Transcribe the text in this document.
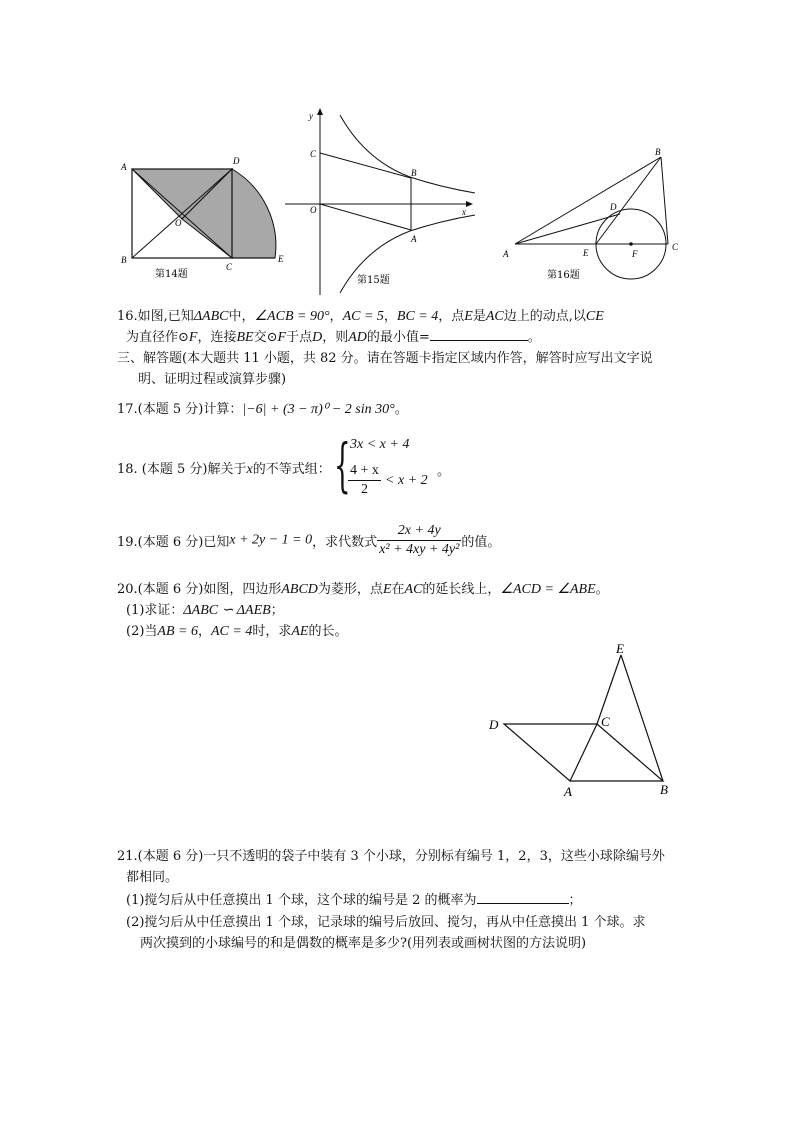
A
D
O
B
C
E
第14题
y
C
B
O	x
A
第15题
B
D
A	E	F
C
第16题
16.如图,已知ΔABC中，∠ACB = 90°，AC = 5，BC = 4，点E是AC边上的动点,以CE
为直径作⊙F，连接BE交⊙F于点D，则AD的最小值=	。
三、解答题(本大题共 11 小题，共 82 分。请在答题卡指定区域内作答，解答时应写出文字说
明、证明过程或演算步骤)
17.(本题 5 分)计算：|−6| + (3 − π)⁰ − 2 sin 30°。
18. (本题 5 分)解关于x的不等式组： { 3x < x + 4
$\frac{4 + x}{2} < x + 2$
。
19.(本题 6 分)已知x + 2y − 1 = 0，求代数式 $\frac{2x + 4y}{\text{x² + 4xy + 4y²}}$ 的值。
20.(本题 6 分)如图，四边形ABCD为菱形，点E在AC的延长线上，∠ACD = ∠ABE。
(1)求证：ΔABC ∽ ΔAEB；
(2)当AB = 6，AC = 4时，求AE的长。
E
D	C
A	B
21.(本题 6 分)一只不透明的袋子中装有 3 个小球，分别标有编号 1，2，3，这些小球除编号外
都相同。
(1)搅匀后从中任意摸出 1 个球，这个球的编号是 2 的概率为	；
(2)搅匀后从中任意摸出 1 个球，记录球的编号后放回、搅匀，再从中任意摸出 1 个球。求
两次摸到的小球编号的和是偶数的概率是多少?(用列表或画树状图的方法说明)
